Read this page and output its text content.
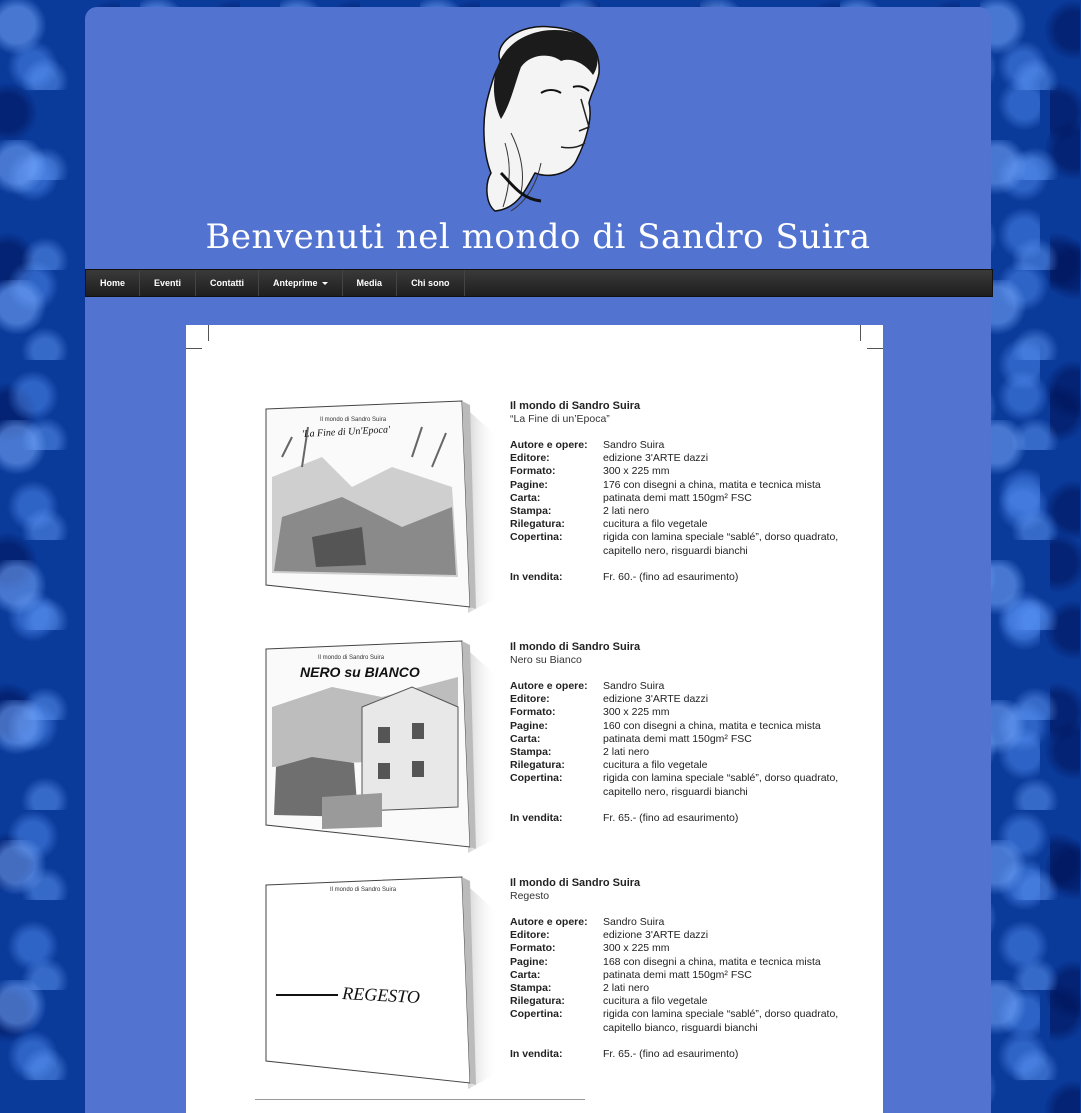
Benvenuti nel mondo di Sandro Suira
Home	Eventi	Contatti	Anteprime	Media	Chi sono
Il mondo di Sandro Suira
'La Fine di Un'Epoca'
Il mondo di Sandro Suira
“La Fine di un’Epoca”
Autore e opere:	Sandro Suira
Editore:	edizione 3'ARTE dazzi
Formato:	300 x 225 mm
Pagine:	176 con disegni a china, matita e tecnica mista
Carta:	patinata demi matt 150gm² FSC
Stampa:	2 lati nero
Rilegatura:	cucitura a filo vegetale
Copertina:	rigida con lamina speciale “sablé”, dorso quadrato, capitello nero, risguardi bianchi
In vendita:	Fr. 60.- (fino ad esaurimento)
Il mondo di Sandro Suira
NERO su BIANCO
Il mondo di Sandro Suira
Nero su Bianco
Autore e opere:	Sandro Suira
Editore:	edizione 3'ARTE dazzi
Formato:	300 x 225 mm
Pagine:	160 con disegni a china, matita e tecnica mista
Carta:	patinata demi matt 150gm² FSC
Stampa:	2 lati nero
Rilegatura:	cucitura a filo vegetale
Copertina:	rigida con lamina speciale “sablé”, dorso quadrato, capitello nero, risguardi bianchi
In vendita:	Fr. 65.- (fino ad esaurimento)
Il mondo di Sandro Suira
REGESTO
Il mondo di Sandro Suira
Regesto
Autore e opere:	Sandro Suira
Editore:	edizione 3'ARTE dazzi
Formato:	300 x 225 mm
Pagine:	168 con disegni a china, matita e tecnica mista
Carta:	patinata demi matt 150gm² FSC
Stampa:	2 lati nero
Rilegatura:	cucitura a filo vegetale
Copertina:	rigida con lamina speciale “sablé”, dorso quadrato, capitello bianco, risguardi bianchi
In vendita:	Fr. 65.- (fino ad esaurimento)
